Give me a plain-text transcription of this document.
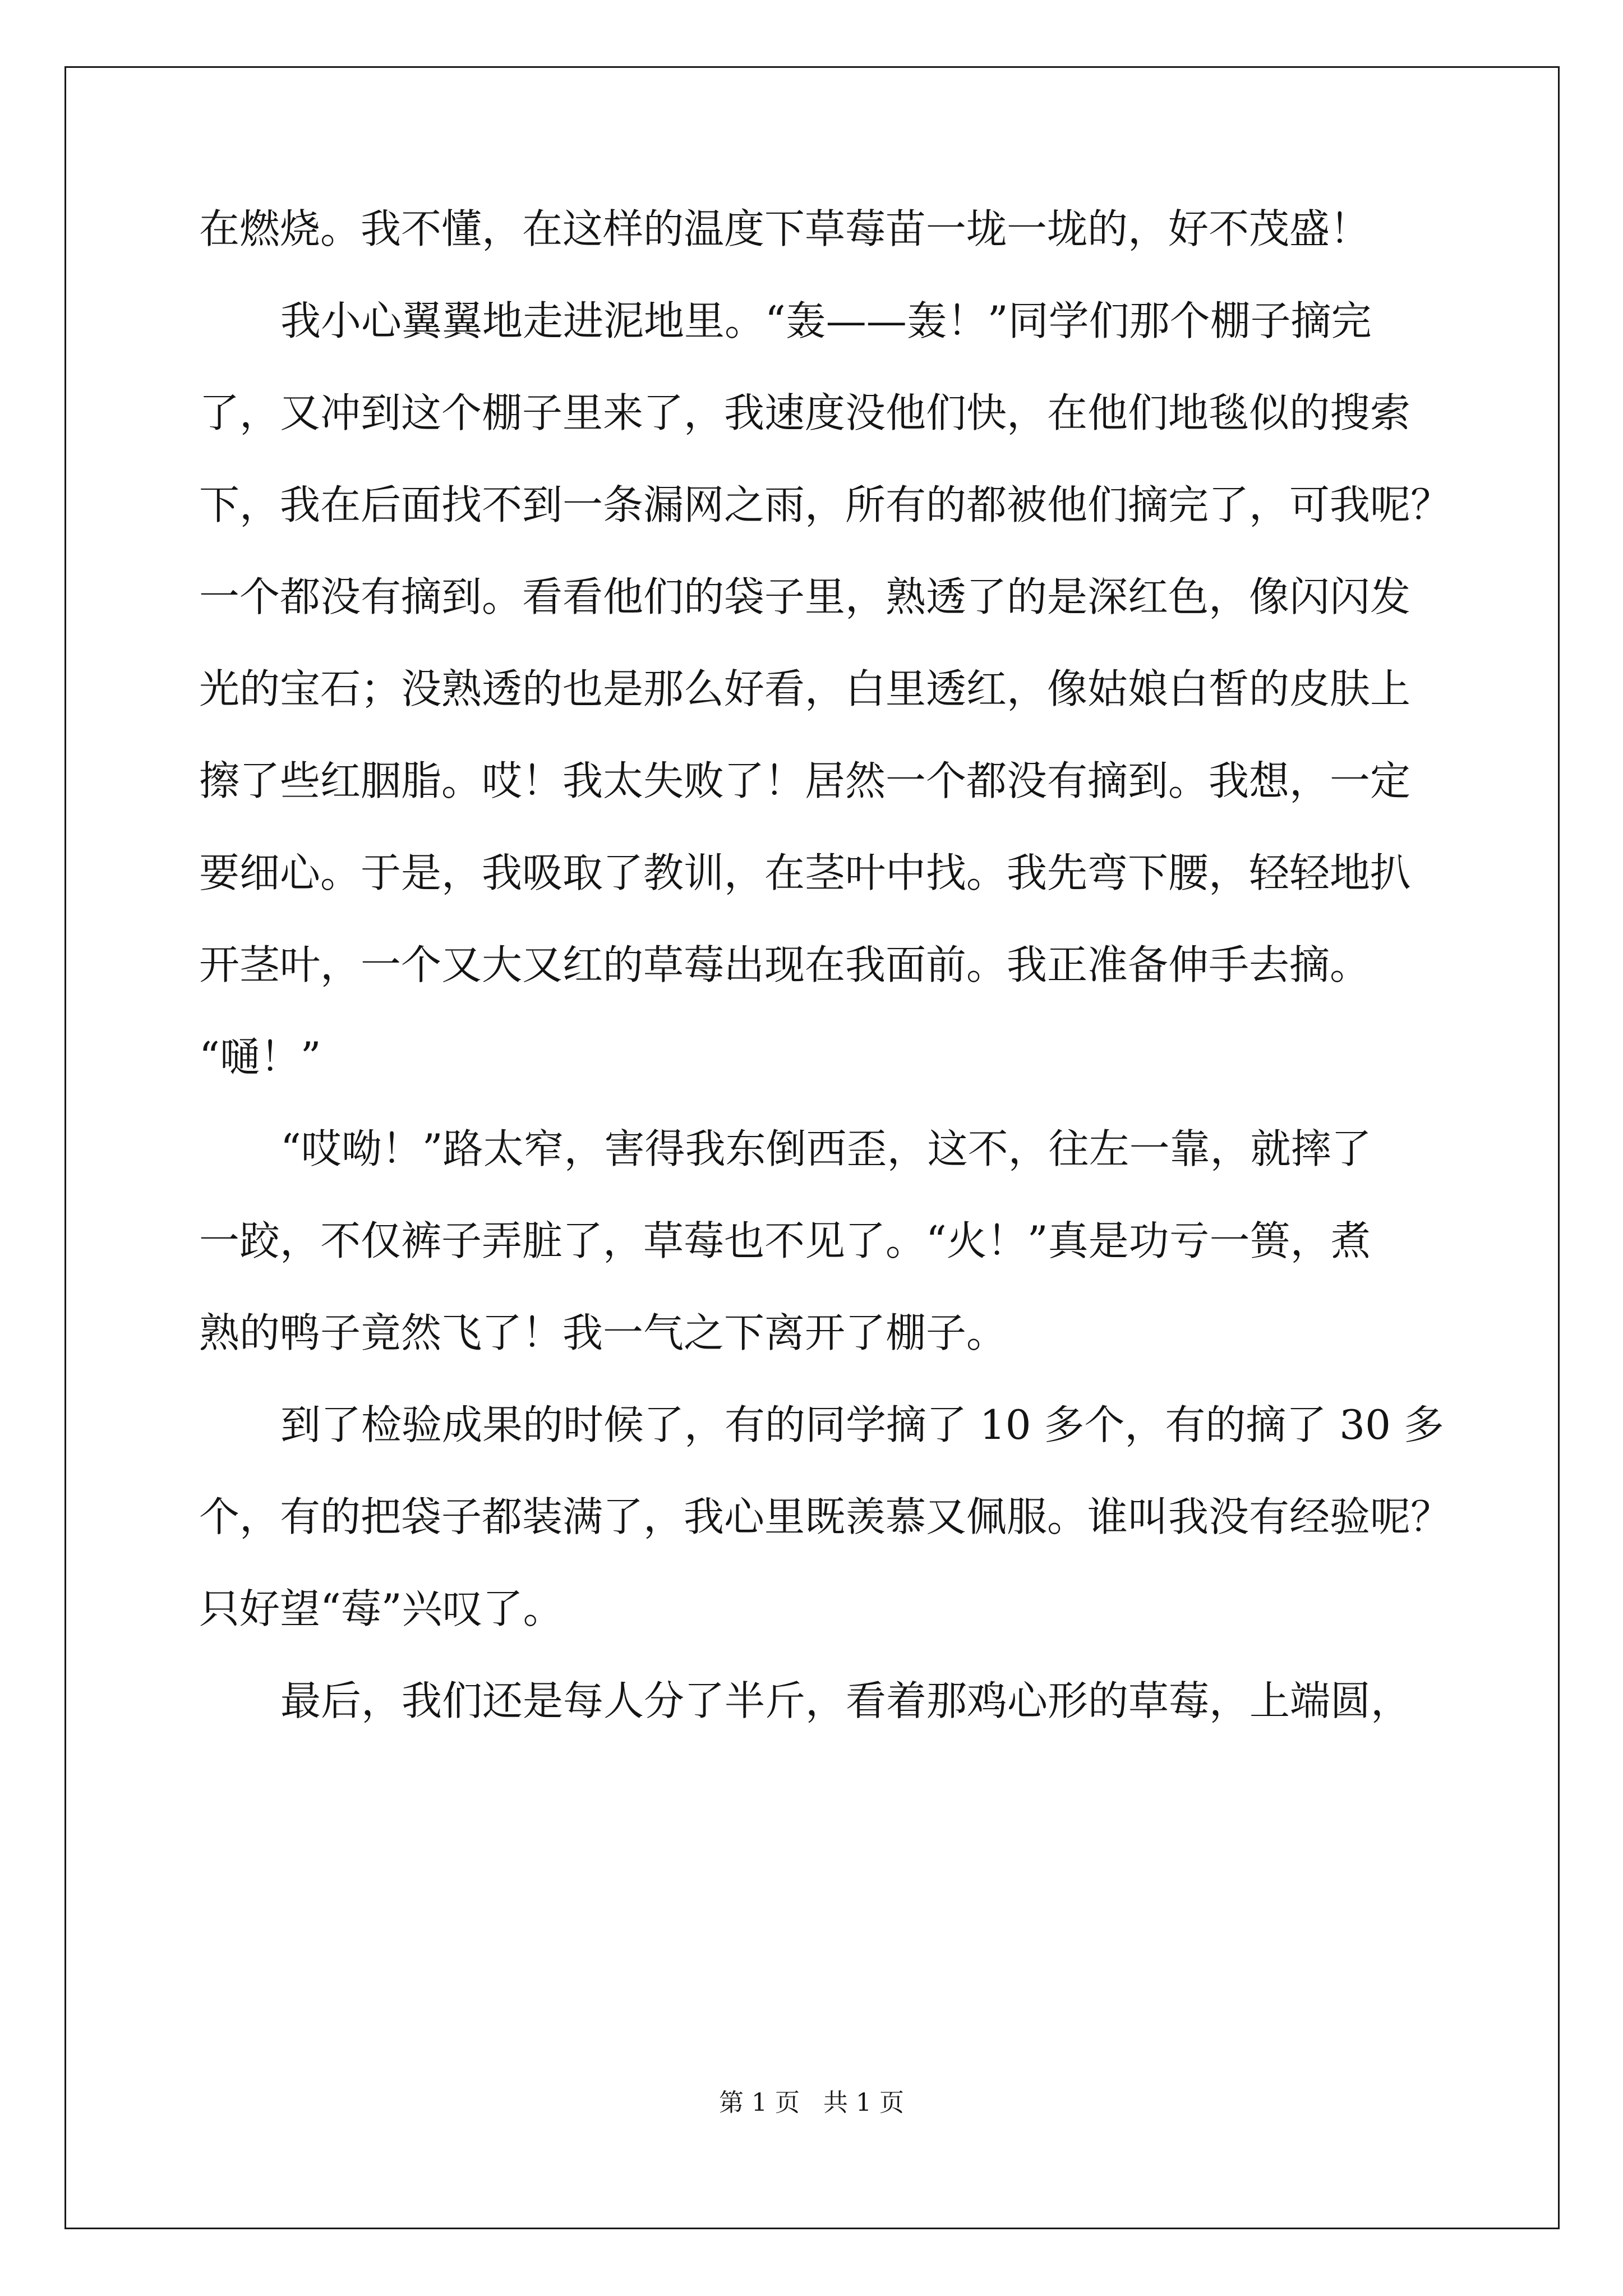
在燃烧。我不懂，在这样的温度下草莓苗一垅一垅的，好不茂盛！
我小心翼翼地走进泥地里。“轰——轰！”同学们那个棚子摘完
了，又冲到这个棚子里来了，我速度没他们快，在他们地毯似的搜索
下，我在后面找不到一条漏网之雨，所有的都被他们摘完了，可我呢？
一个都没有摘到。看看他们的袋子里，熟透了的是深红色，像闪闪发
光的宝石；没熟透的也是那么好看，白里透红，像姑娘白皙的皮肤上
擦了些红胭脂。哎！我太失败了！居然一个都没有摘到。我想，一定
要细心。于是，我吸取了教训，在茎叶中找。我先弯下腰，轻轻地扒
开茎叶，一个又大又红的草莓出现在我面前。我正准备伸手去摘。
“嗵！”
“哎呦！”路太窄，害得我东倒西歪，这不，往左一靠，就摔了
一跤，不仅裤子弄脏了，草莓也不见了。“火！”真是功亏一篑，煮
熟的鸭子竟然飞了！我一气之下离开了棚子。
到了检验成果的时候了，有的同学摘了 10 多个，有的摘了 30 多
个，有的把袋子都装满了，我心里既羡慕又佩服。谁叫我没有经验呢？
只好望“莓”兴叹了。
最后，我们还是每人分了半斤，看着那鸡心形的草莓，上端圆，
第 1 页   共 1 页
